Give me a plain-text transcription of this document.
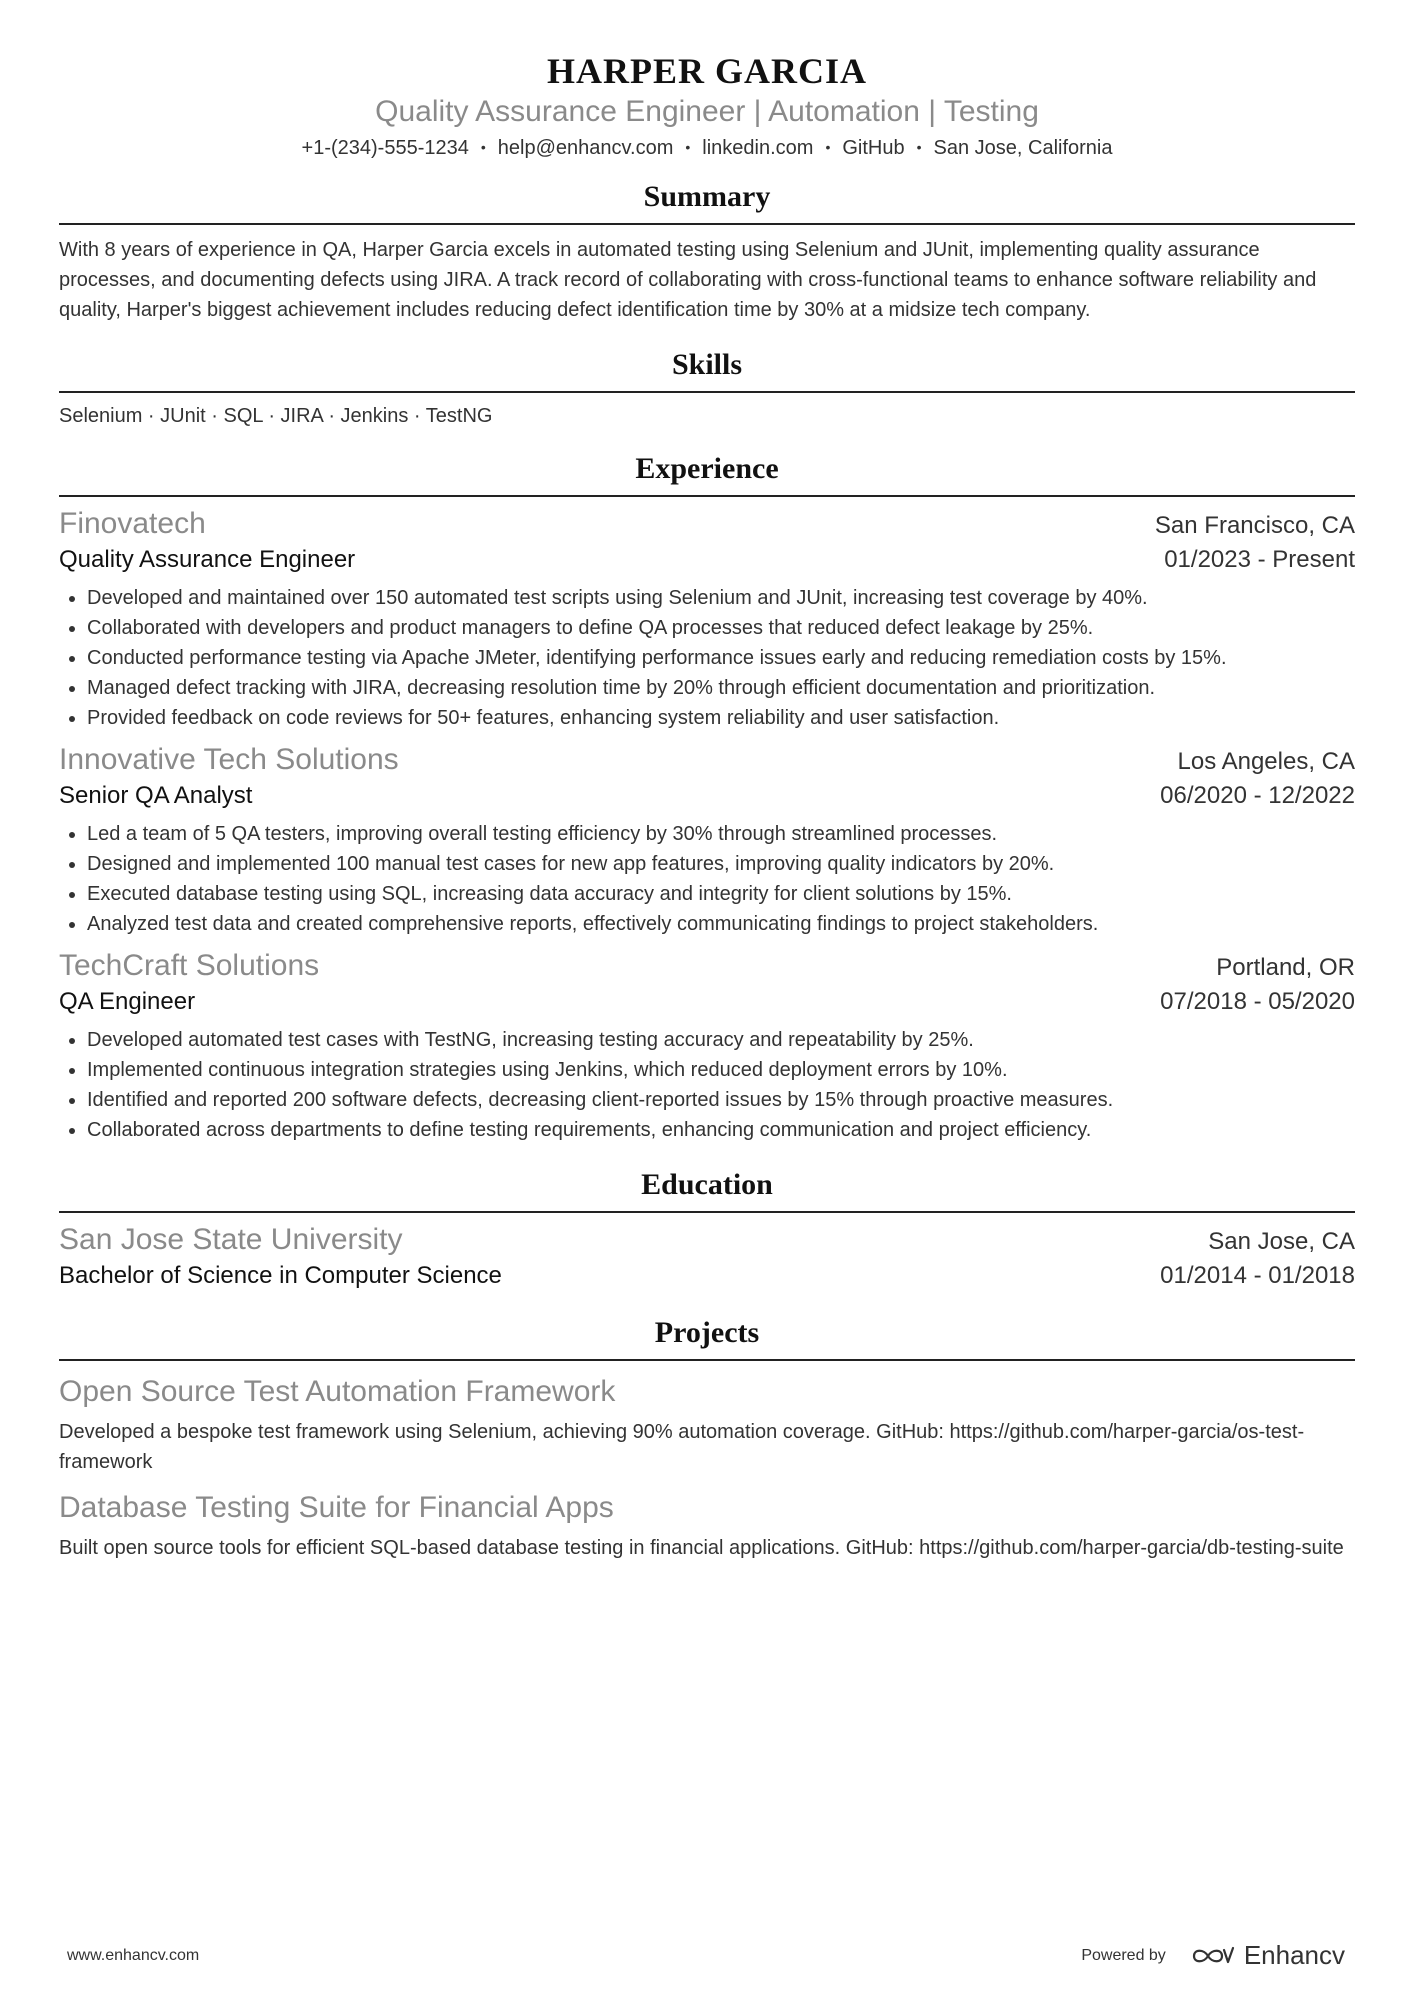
HARPER GARCIA
Quality Assurance Engineer | Automation | Testing
+1-(234)-555-1234 • help@enhancv.com • linkedin.com • GitHub • San Jose, California
Summary
With 8 years of experience in QA, Harper Garcia excels in automated testing using Selenium and JUnit, implementing quality assurance processes, and documenting defects using JIRA. A track record of collaborating with cross-functional teams to enhance software reliability and quality, Harper's biggest achievement includes reducing defect identification time by 30% at a midsize tech company.
Skills
Selenium · JUnit · SQL · JIRA · Jenkins · TestNG
Experience
Finovatech	San Francisco, CA
Quality Assurance Engineer	01/2023 - Present
Developed and maintained over 150 automated test scripts using Selenium and JUnit, increasing test coverage by 40%.
Collaborated with developers and product managers to define QA processes that reduced defect leakage by 25%.
Conducted performance testing via Apache JMeter, identifying performance issues early and reducing remediation costs by 15%.
Managed defect tracking with JIRA, decreasing resolution time by 20% through efficient documentation and prioritization.
Provided feedback on code reviews for 50+ features, enhancing system reliability and user satisfaction.
Innovative Tech Solutions	Los Angeles, CA
Senior QA Analyst	06/2020 - 12/2022
Led a team of 5 QA testers, improving overall testing efficiency by 30% through streamlined processes.
Designed and implemented 100 manual test cases for new app features, improving quality indicators by 20%.
Executed database testing using SQL, increasing data accuracy and integrity for client solutions by 15%.
Analyzed test data and created comprehensive reports, effectively communicating findings to project stakeholders.
TechCraft Solutions	Portland, OR
QA Engineer	07/2018 - 05/2020
Developed automated test cases with TestNG, increasing testing accuracy and repeatability by 25%.
Implemented continuous integration strategies using Jenkins, which reduced deployment errors by 10%.
Identified and reported 200 software defects, decreasing client-reported issues by 15% through proactive measures.
Collaborated across departments to define testing requirements, enhancing communication and project efficiency.
Education
San Jose State University	San Jose, CA
Bachelor of Science in Computer Science	01/2014 - 01/2018
Projects
Open Source Test Automation Framework
Developed a bespoke test framework using Selenium, achieving 90% automation coverage. GitHub: https://github.com/harper-garcia/os-test-framework
Database Testing Suite for Financial Apps
Built open source tools for efficient SQL-based database testing in financial applications. GitHub: https://github.com/harper-garcia/db-testing-suite
www.enhancv.com	Powered by	Enhancv
